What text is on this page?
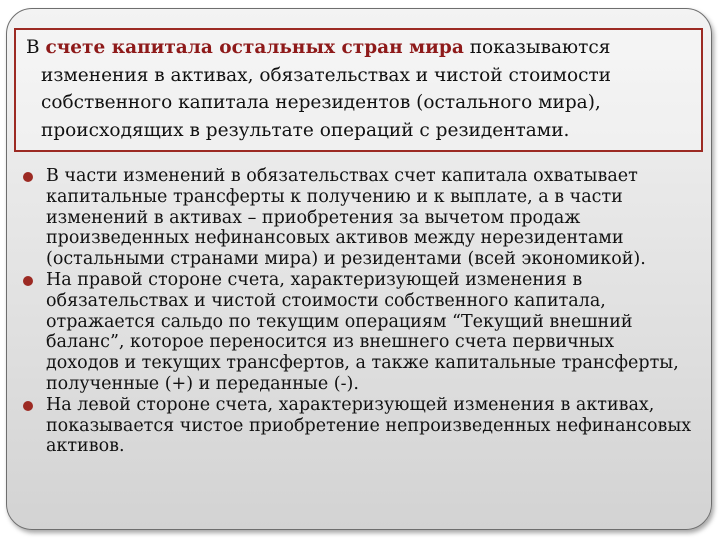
В счете капитала остальных стран мира показываются изменения в активах, обязательствах и чистой стоимости собственного капитала нерезидентов (остального мира), происходящих в результате операций с резидентами.
В части изменений в обязательствах счет капитала охватывает капитальные трансферты к получению и к выплате, а в части изменений в активах – приобретения за вычетом продаж произведенных нефинансовых активов между нерезидентами (остальными странами мира) и резидентами (всей экономикой).
На правой стороне счета, характеризующей изменения в обязательствах и чистой стоимости собственного капитала, отражается сальдо по текущим операциям “Текущий внешний баланс”, которое переносится из внешнего счета первичных доходов и текущих трансфертов, а также капитальные трансферты, полученные (+) и переданные (-).
На левой стороне счета, характеризующей изменения в активах, показывается чистое приобретение непроизведенных нефинансовых активов.
